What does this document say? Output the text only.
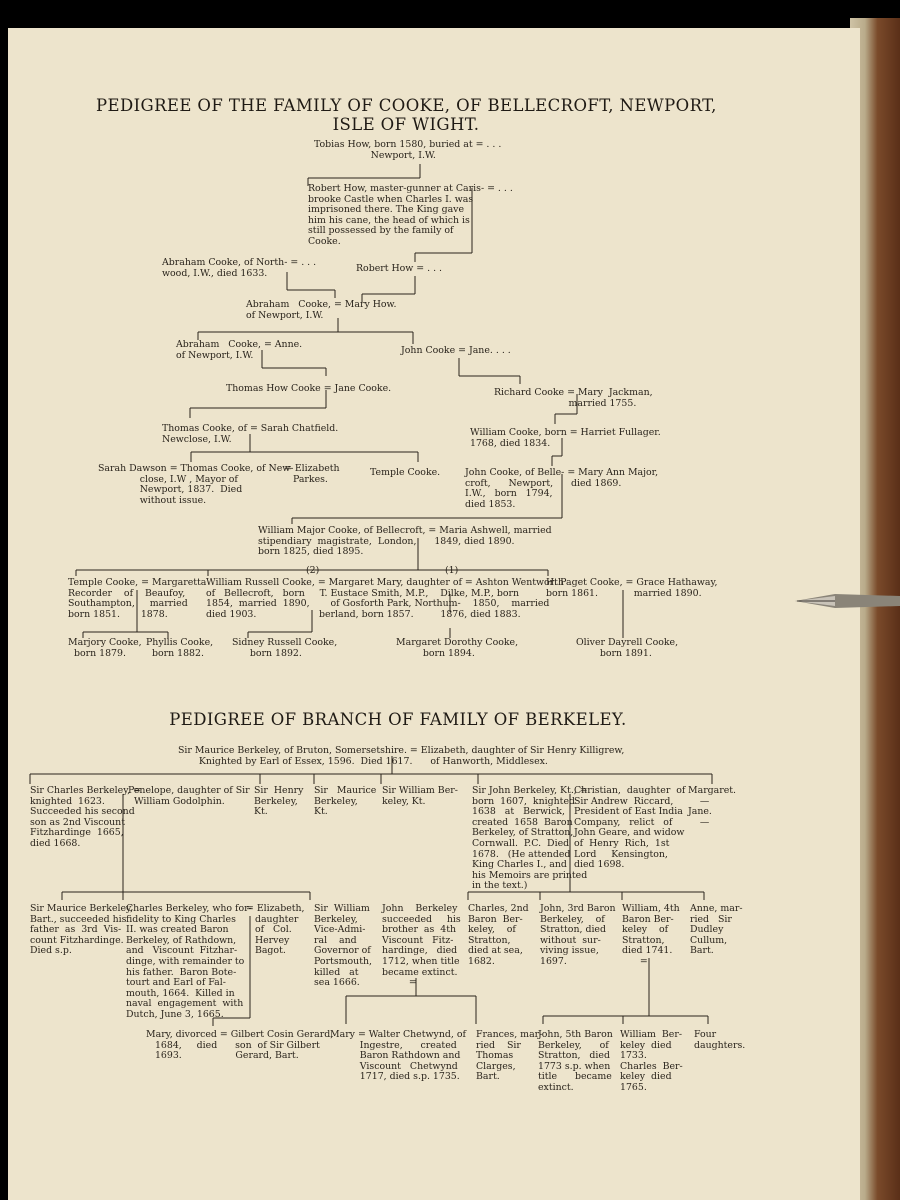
PEDIGREE OF THE FAMILY OF COOKE, OF BELLECROFT, NEWPORT,
ISLE OF WIGHT.
Tobias How, born 1580, buried at = . . .
Newport, I.W.
Robert How, master-gunner at Caris- = . . .
brooke Castle when Charles I. was
imprisoned there. The King gave
him his cane, the head of which is
still possessed by the family of
Cooke.
Abraham Cooke, of North- = . . .
wood, I.W., died 1633.	Robert How = . . .
Abraham   Cooke, = Mary How.
of Newport, I.W.
Abraham   Cooke, = Anne.
of Newport, I.W.	John Cooke = Jane. . . .
Thomas How Cooke = Jane Cooke.	Richard Cooke = Mary  Jackman,
married 1755.
Thomas Cooke, of = Sarah Chatfield.
Newclose, I.W.
William Cooke, born = Harriet Fullager.
1768, died 1834.
Sarah Dawson = Thomas Cooke, of New-
close, I.W , Mayor of
Newport, 1837.  Died
without issue.
= Elizabeth
Parkes.
Temple Cooke.	John Cooke, of Belle- = Mary Ann Major,
croft,      Newport,      died 1869.
I.W.,   born   1794,
died 1853.
William Major Cooke, of Bellecroft, = Maria Ashwell, married
stipendiary  magistrate,  London,      1849, died 1890.
born 1825, died 1895.
(2)	(1)
Temple Cooke, = Margaretta
Recorder    of    Beaufoy,
Southampton,     married
born 1851.       1878.
William Russell Cooke, = Margaret Mary, daughter of = Ashton Wentworth
of   Bellecroft,   born     T. Eustace Smith, M.P.,    Dilke, M.P., born
1854,  married  1890,       of Gosforth Park, Northum-    1850,    married
died 1903.                     berland, born 1857.         1876, died 1883.
H. Paget Cooke, = Grace Hathaway,
born 1861.            married 1890.
Marjory Cooke,
born 1879.
Phyllis Cooke,
born 1882.
Sidney Russell Cooke,
born 1892.
Margaret Dorothy Cooke,
born 1894.
Oliver Dayrell Cooke,
born 1891.
PEDIGREE OF BRANCH OF FAMILY OF BERKELEY.
Sir Maurice Berkeley, of Bruton, Somersetshire. = Elizabeth, daughter of Sir Henry Killigrew,
Knighted by Earl of Essex, 1596.  Died 1617.      of Hanworth, Middlesex.
Sir Charles Berkeley, =
knighted  1623.
Succeeded his second
son as 2nd Viscount
Fitzhardinge  1665,
died 1668.
Penelope, daughter of Sir
William Godolphin.
Sir  Henry
Berkeley,
Kt.
Sir   Maurice
Berkeley,
Kt.
Sir William Ber-
keley, Kt.
Sir John Berkeley, Kt., =
born  1607,  knighted
1638   at   Berwick,
created  1658  Baron
Berkeley, of Stratton,
Cornwall.  P.C.  Died
1678.   (He attended
King Charles I., and
his Memoirs are printed
in the text.)
Christian,  daughter  of
Sir Andrew  Riccard,
President of East India
Company,   relict   of
John Geare, and widow
of  Henry  Rich,  1st
Lord     Kensington,
died 1698.
Margaret.
—
Jane.
—
Sir Maurice Berkeley,
Bart., succeeded his
father  as  3rd  Vis-
count Fitzhardinge.
Died s.p.
Charles Berkeley, who for-
fidelity to King Charles
II. was created Baron
Berkeley, of Rathdown,
and   Viscount  Fitzhar-
dinge, with remainder to
his father.  Baron Bote-
tourt and Earl of Fal-
mouth, 1664.  Killed in
naval  engagement  with
Dutch, June 3, 1665.
= Elizabeth,
daughter
of   Col.
Hervey
Bagot.
Sir  William
Berkeley,
Vice-Admi-
ral    and
Governor of
Portsmouth,
killed   at
sea 1666.
John    Berkeley
succeeded     his
brother  as  4th
Viscount   Fitz-
hardinge,   died
1712, when title
became extinct.
=
Charles, 2nd
Baron  Ber-
keley,    of
Stratton,
died at sea,
1682.
John, 3rd Baron
Berkeley,    of
Stratton, died
without  sur-
viving issue,
1697.
William, 4th
Baron Ber-
keley    of
Stratton,
died 1741.
=
Anne, mar-
ried   Sir
Dudley
Cullum,
Bart.
Mary, divorced = Gilbert Cosin Gerard,
1684,     died      son  of Sir Gilbert
1693.                  Gerard, Bart.
Mary = Walter Chetwynd, of
Ingestre,      created
Baron Rathdown and
Viscount   Chetwynd
1717, died s.p. 1735.
Frances, mar-
ried    Sir
Thomas
Clarges,
Bart.
John, 5th Baron
Berkeley,      of
Stratton,   died
1773 s.p. when
title      became
extinct.
William  Ber-
keley  died
1733.
Charles  Ber-
keley  died
1765.
Four
daughters.
